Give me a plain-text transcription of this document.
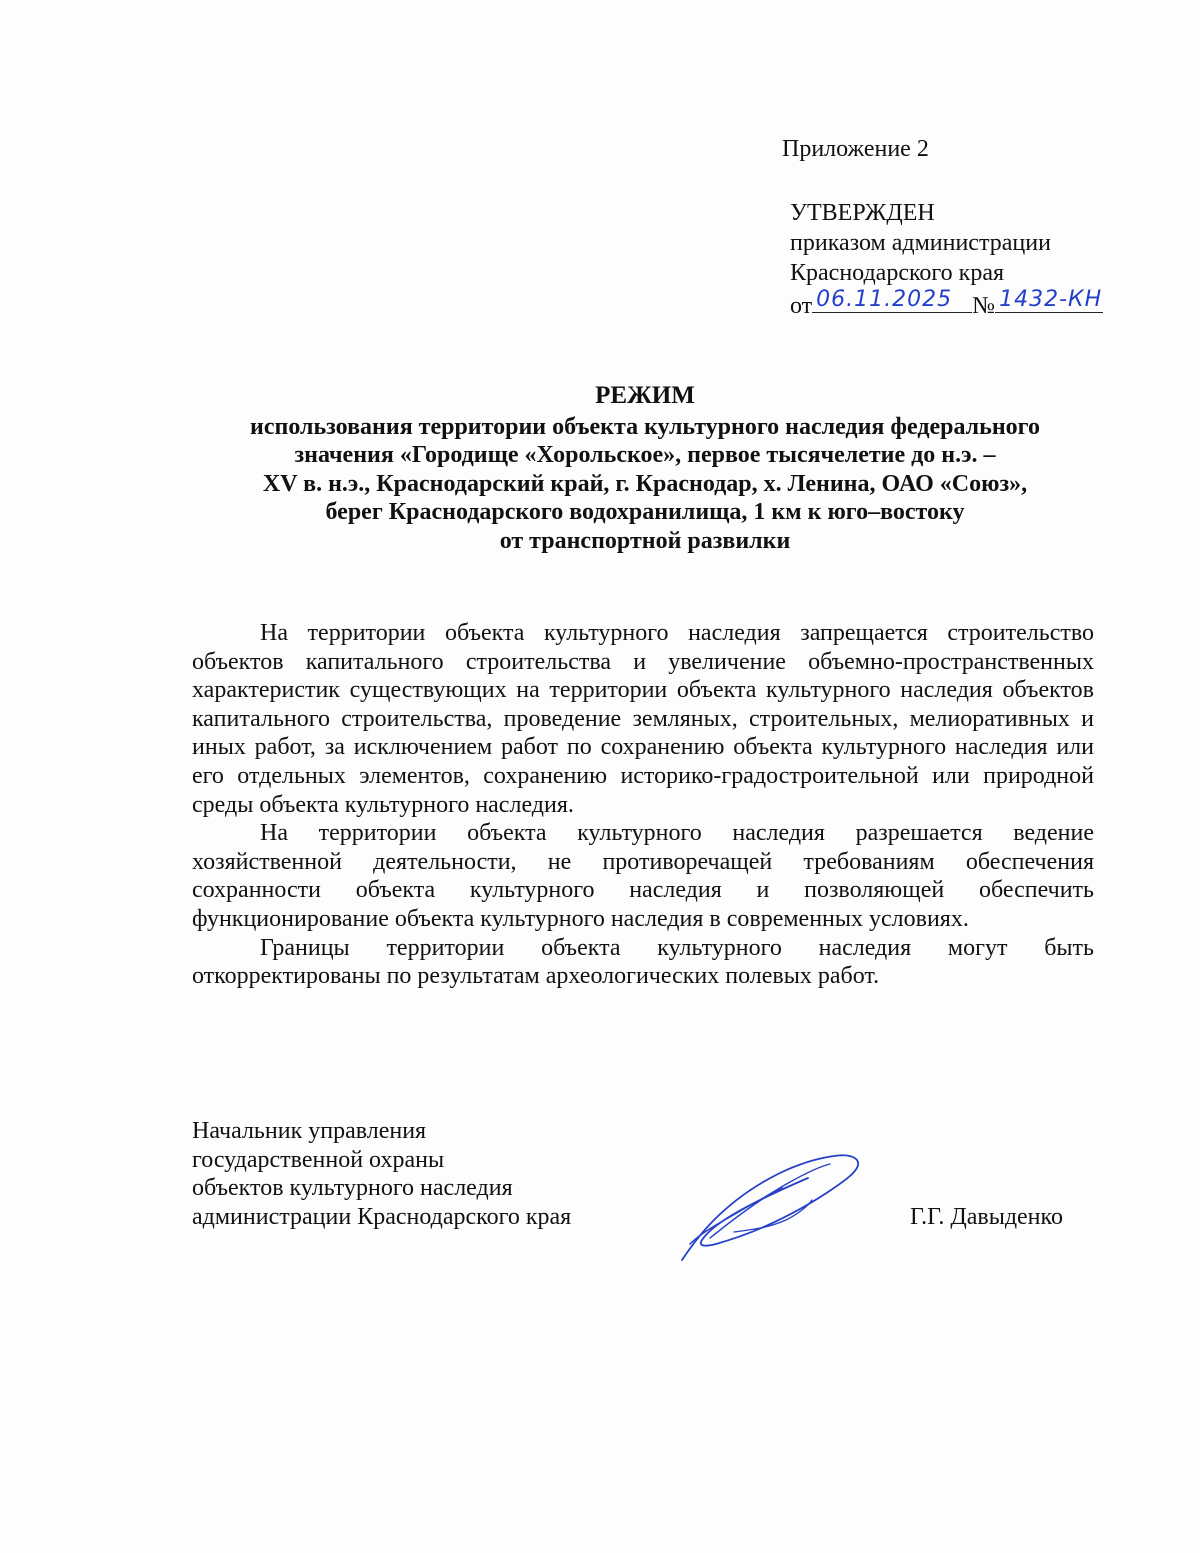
Приложение 2
УТВЕРЖДЕН
приказом администрации
Краснодарского края
от 06.11.2025 № 1432-КН
РЕЖИМ
использования территории объекта культурного наследия федерального
значения «Городище «Хорольское», первое тысячелетие до н.э. –
XV в. н.э., Краснодарский край, г. Краснодар, х. Ленина, ОАО «Союз»,
берег Краснодарского водохранилища, 1 км к юго–востоку
от транспортной развилки

На территории объекта культурного наследия запрещается строительство объектов капитального строительства и увеличение объемно-пространственных характеристик существующих на территории объекта культурного наследия объектов капитального строительства, проведение земляных, строительных, мелиоративных и иных работ, за исключением работ по сохранению объекта культурного наследия или его отдельных элементов, сохранению историко-градостроительной или природной среды объекта культурного наследия.

На территории объекта культурного наследия разрешается ведение хозяйственной деятельности, не противоречащей требованиям обеспечения сохранности объекта культурного наследия и позволяющей обеспечить функционирование объекта культурного наследия в современных условиях.

Границы территории объекта культурного наследия могут быть откорректированы по результатам археологических полевых работ.

Начальник управления
государственной охраны
объектов культурного наследия
администрации Краснодарского края	Г.Г. Давыденко
